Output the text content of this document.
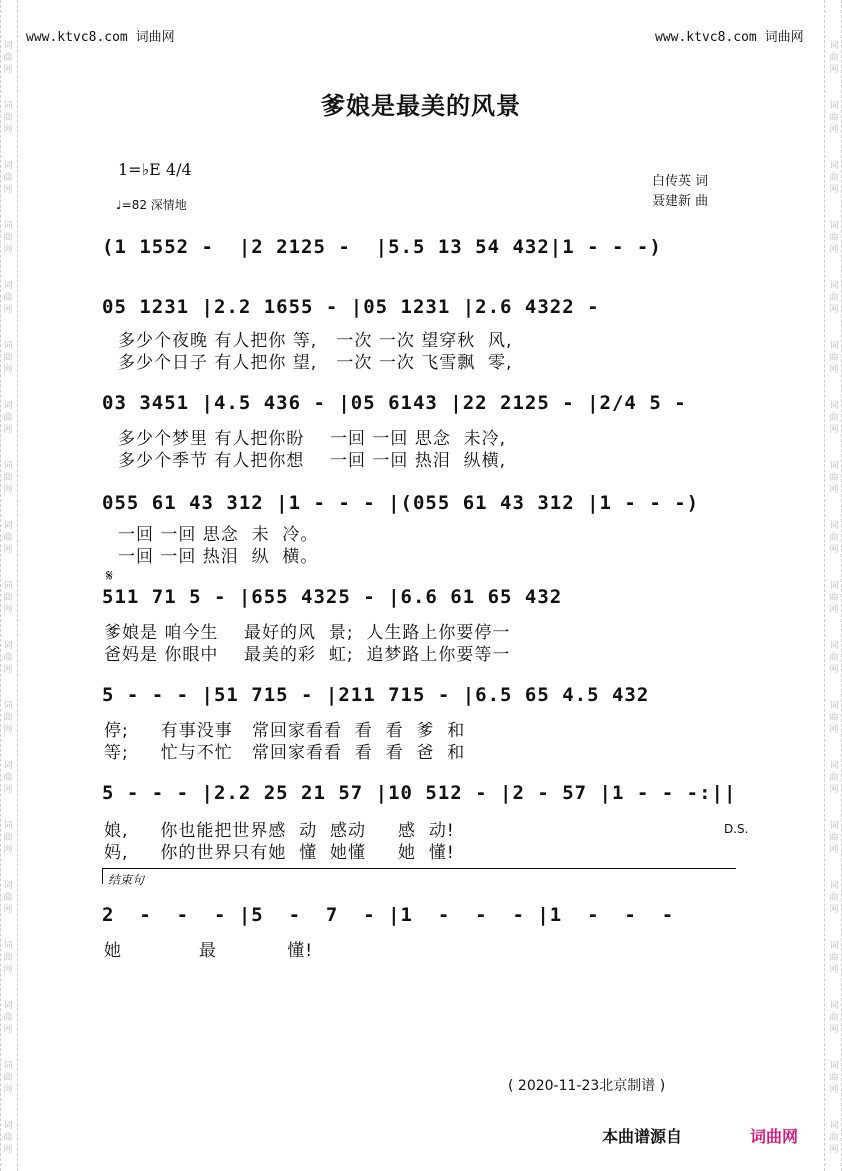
词
曲
网
词
曲
网
词
曲
网
词
曲
网
词
曲
网
词
曲
网
词
曲
网
词
曲
网
词
曲
网
词
曲
网
词
曲
网
词
曲
网
词
曲
网
词
曲
网
词
曲
网
词
曲
网
词
曲
网
词
曲
网
词
曲
网
词
曲
网
词
曲
网
词
曲
网
词
曲
网
词
曲
网
词
曲
网
词
曲
网
词
曲
网
词
曲
网
词
曲
网
词
曲
网
词
曲
网
词
曲
网
词
曲
网
词
曲
网
词
曲
网
词
曲
网
词
曲
网
词
曲
网
www.ktvc8.com 词曲网	www.ktvc8.com 词曲网
爹娘是最美的风景
1=♭E 4/4
♩=82 深情地
白传英 词
聂建新 曲
(1 1552 -  |2 2125 -  |5.5 13 54 432|1 - - -)
05 1231 |2.2 1655 - |05 1231 |2.6 4322 -
多少个夜晚 有人把你 等,   一次 一次 望穿秋  风,
多少个日子 有人把你 望,   一次 一次 飞雪飘  零,
03 3451 |4.5 436 - |05 6143 |22 2125 - |2/4 5 -
多少个梦里 有人把你盼    一回 一回 思念  未冷,
多少个季节 有人把你想    一回 一回 热泪  纵横,
055 61 43 312 |1 - - - |(055 61 43 312 |1 - - -)
一回 一回 思念  未  冷。
一回 一回 热泪  纵  横。
𝄋
511 71 5 - |655 4325 - |6.6 61 65 432
爹娘是 咱今生    最好的风  景;  人生路上你要停一
爸妈是 你眼中    最美的彩  虹;  追梦路上你要等一
5 - - - |51 715 - |211 715 - |6.5 65 4.5 432
停;     有事没事   常回家看看  看  看  爹  和
等;     忙与不忙   常回家看看  看  看  爸  和
5 - - - |2.2 25 21 57 |10 512 - |2 - 57 |1 - - -:||
娘,     你也能把世界感  动  感动     感  动!
妈,     你的世界只有她  懂  她懂     她  懂!
D.S.
结束句
2  -  -  - |5  -  7  - |1  -  -  - |1  -  -  -
她            最           懂!
( 2020-11-23北京制谱 )
本曲谱源自	词曲网
